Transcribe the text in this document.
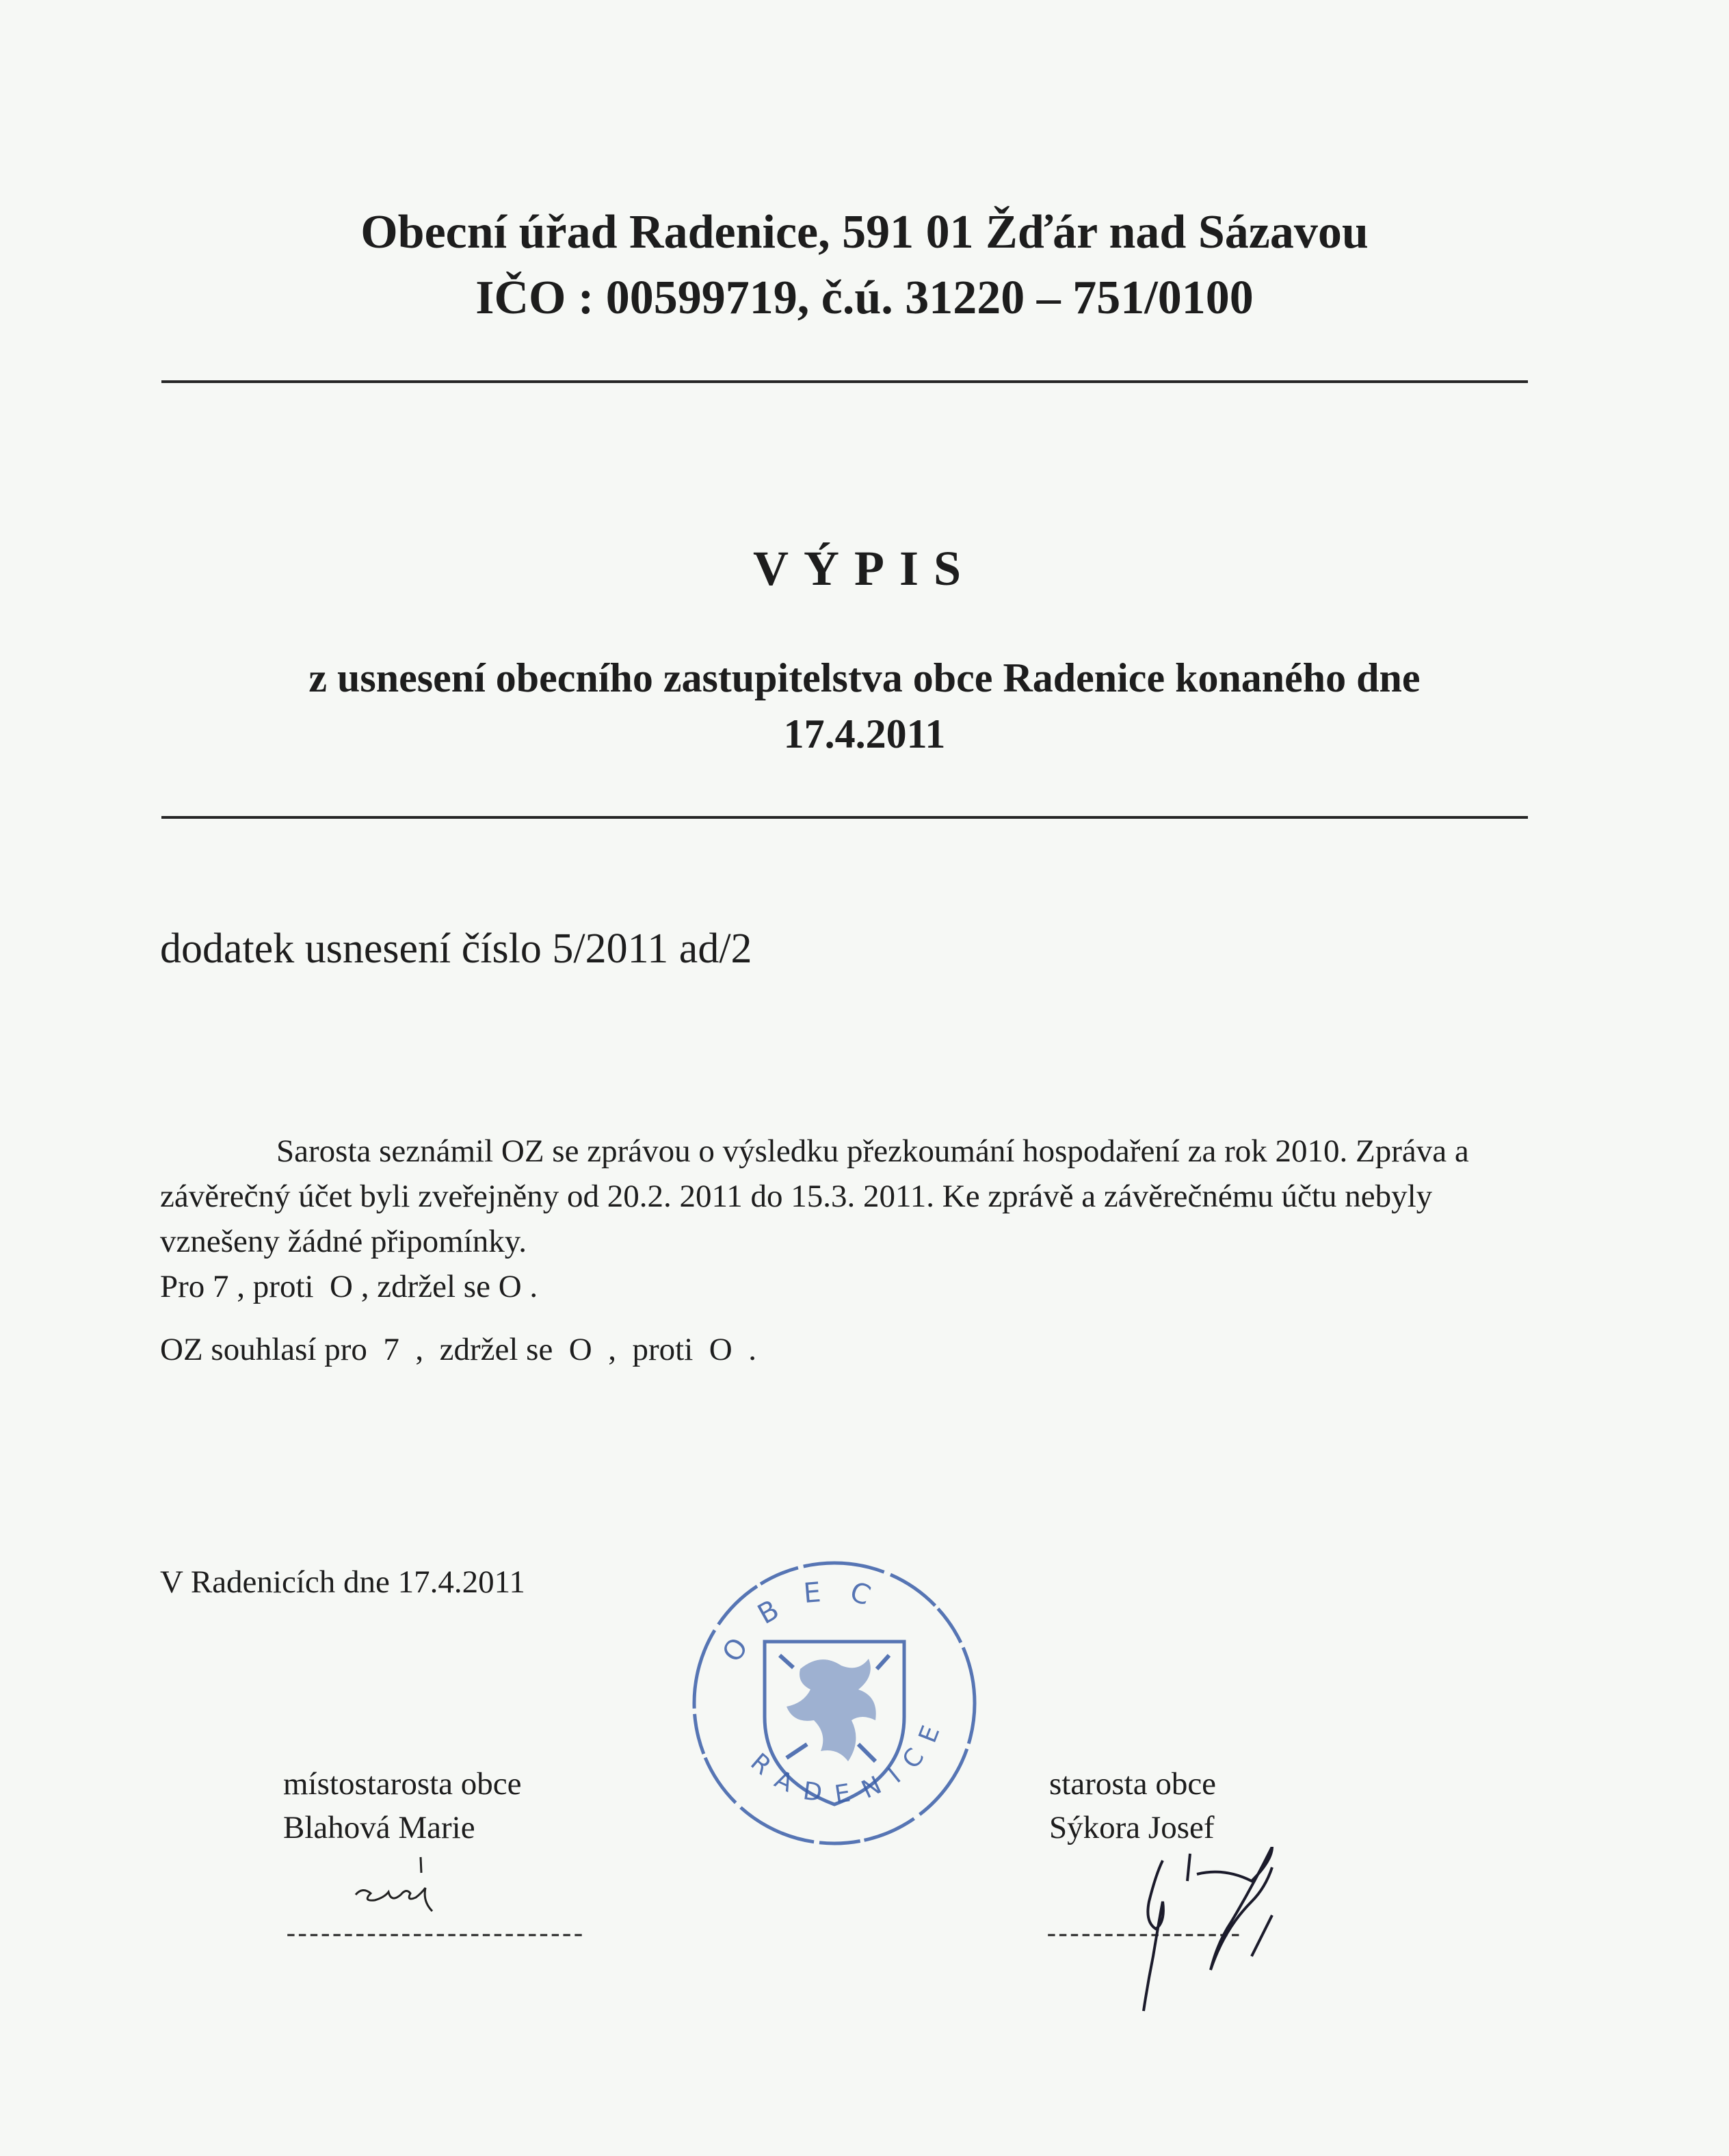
Obecní úřad Radenice, 591 01 Žďár nad Sázavou
IČO : 00599719, č.ú. 31220 – 751/0100
VÝPIS
z usnesení obecního zastupitelstva obce Radenice konaného dne
17.4.2011
dodatek usnesení číslo 5/2011 ad/2
Sarosta seznámil OZ se zprávou o výsledku přezkoumání hospodaření za rok 2010. Zpráva a
závěrečný účet byli zveřejněny od 20.2. 2011 do 15.3. 2011. Ke zprávě a závěrečnému účtu nebyly
vznešeny žádné připomínky.
Pro 7 , proti  O , zdržel se O .
OZ souhlasí pro  7  ,  zdržel se  O  ,  proti  O  .
V Radenicích dne 17.4.2011
OBEC
RADENICE
místostarosta obce
Blahová Marie
--------------------------
starosta obce
Sýkora Josef
-----------------
